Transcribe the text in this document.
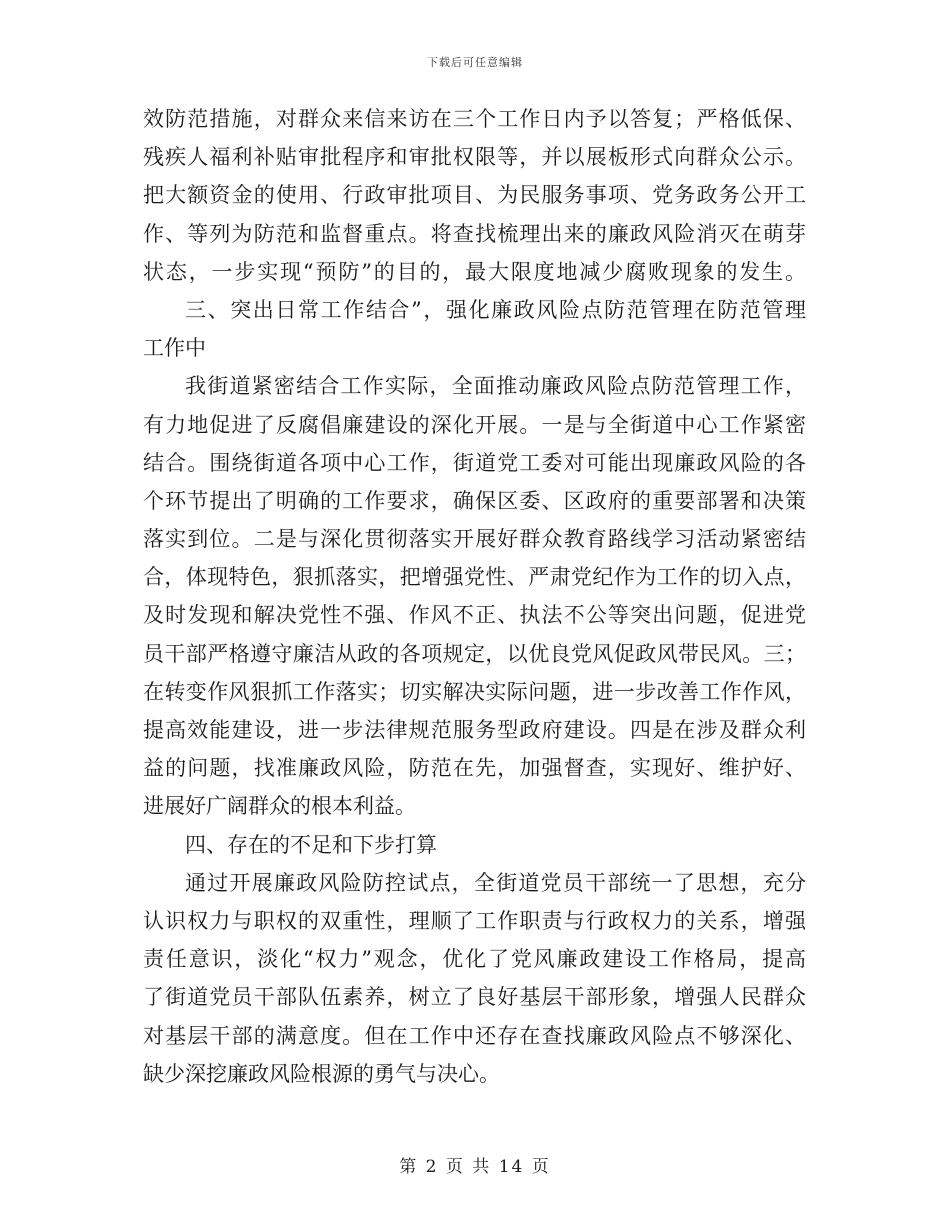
下载后可任意编辑
效防范措施，对群众来信来访在三个工作日内予以答复；严格低保、
残疾人福利补贴审批程序和审批权限等，并以展板形式向群众公示。
把大额资金的使用、行政审批项目、为民服务事项、党务政务公开工
作、等列为防范和监督重点。将查找梳理出来的廉政风险消灭在萌芽
状态，一步实现“预防”的目的，最大限度地减少腐败现象的发生。
三、突出日常工作结合”，强化廉政风险点防范管理在防范管理
工作中
我街道紧密结合工作实际，全面推动廉政风险点防范管理工作，
有力地促进了反腐倡廉建设的深化开展。一是与全街道中心工作紧密
结合。围绕街道各项中心工作，街道党工委对可能出现廉政风险的各
个环节提出了明确的工作要求，确保区委、区政府的重要部署和决策
落实到位。二是与深化贯彻落实开展好群众教育路线学习活动紧密结
合，体现特色，狠抓落实，把增强党性、严肃党纪作为工作的切入点，
及时发现和解决党性不强、作风不正、执法不公等突出问题，促进党
员干部严格遵守廉洁从政的各项规定，以优良党风促政风带民风。三；
在转变作风狠抓工作落实；切实解决实际问题，进一步改善工作作风，
提高效能建设，进一步法律规范服务型政府建设。四是在涉及群众利
益的问题，找准廉政风险，防范在先，加强督查，实现好、维护好、
进展好广阔群众的根本利益。
四、存在的不足和下步打算
通过开展廉政风险防控试点，全街道党员干部统一了思想，充分
认识权力与职权的双重性，理顺了工作职责与行政权力的关系，增强
责任意识，淡化“权力”观念，优化了党风廉政建设工作格局，提高
了街道党员干部队伍素养，树立了良好基层干部形象，增强人民群众
对基层干部的满意度。但在工作中还存在查找廉政风险点不够深化、
缺少深挖廉政风险根源的勇气与决心。
第 2 页 共 14 页
